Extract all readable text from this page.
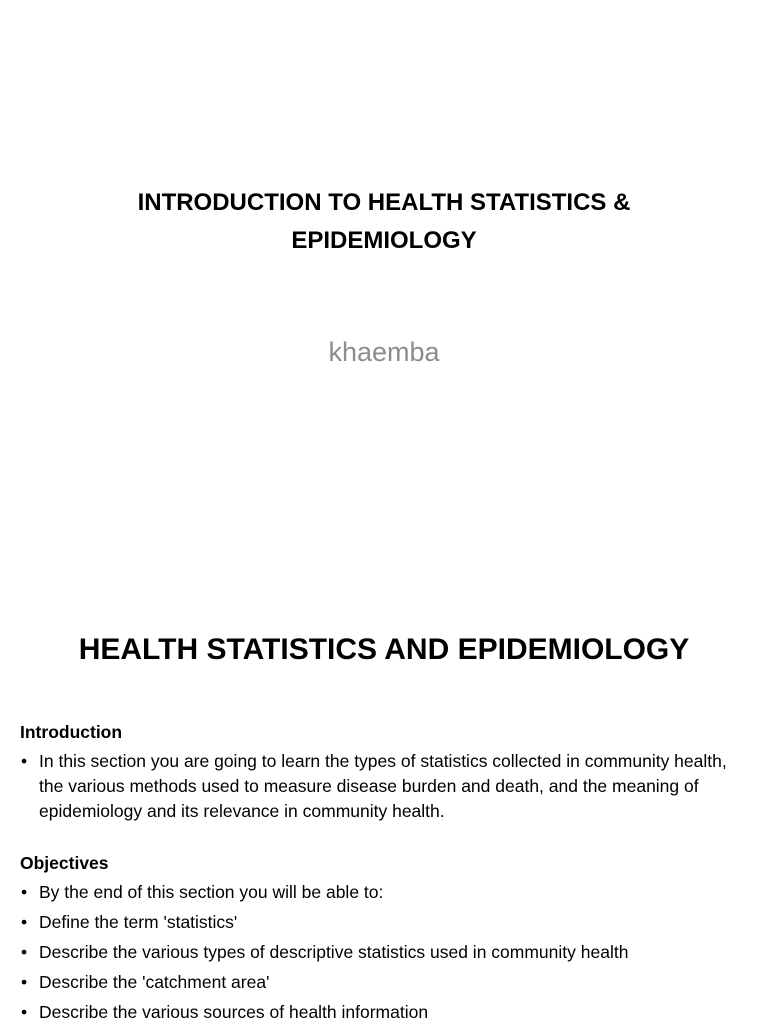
INTRODUCTION TO HEALTH STATISTICS & EPIDEMIOLOGY

khaemba

HEALTH STATISTICS AND EPIDEMIOLOGY

Introduction

• In this section you are going to learn the types of statistics collected in community health, the various methods used to measure disease burden and death, and the meaning of epidemiology and its relevance in community health.

Objectives

• By the end of this section you will be able to:
• Define the term 'statistics'
• Describe the various types of descriptive statistics used in community health
• Describe the 'catchment area'
• Describe the various sources of health information
